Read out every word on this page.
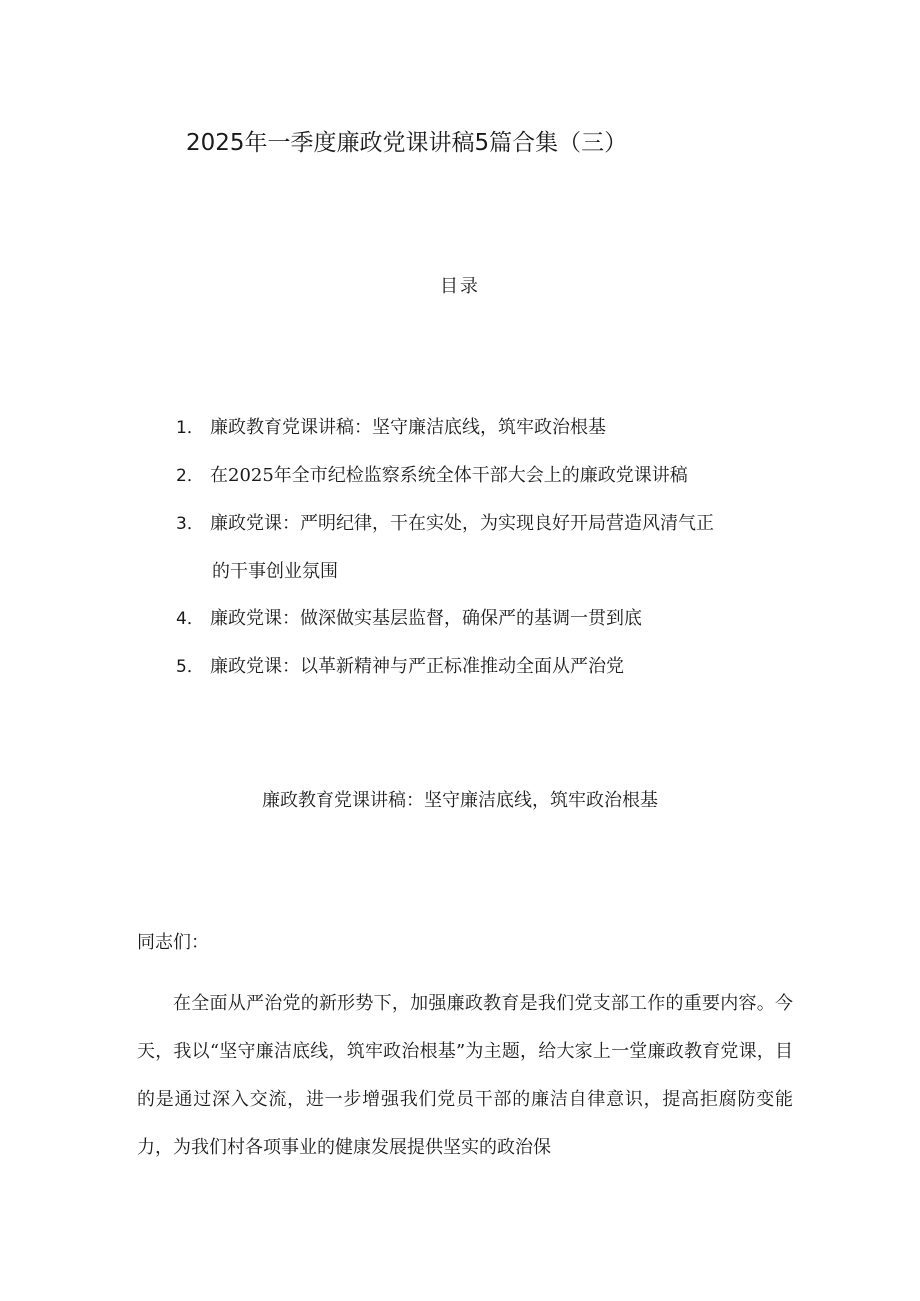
2025年一季度廉政党课讲稿5篇合集（三）
目录
1． 廉政教育党课讲稿：坚守廉洁底线，筑牢政治根基
2． 在2025年全市纪检监察系统全体干部大会上的廉政党课讲稿
3． 廉政党课：严明纪律，干在实处，为实现良好开局营造风清气正
的干事创业氛围
4． 廉政党课：做深做实基层监督，确保严的基调一贯到底
5． 廉政党课：以革新精神与严正标准推动全面从严治党
廉政教育党课讲稿：坚守廉洁底线，筑牢政治根基

同志们：

在全面从严治党的新形势下，加强廉政教育是我们党支部工作的重要内容。今天，我以“坚守廉洁底线，筑牢政治根基”为主题，给大家上一堂廉政教育党课，目的是通过深入交流，进一步增强我们党员干部的廉洁自律意识，提高拒腐防变能力，为我们村各项事业的健康发展提供坚实的政治保
